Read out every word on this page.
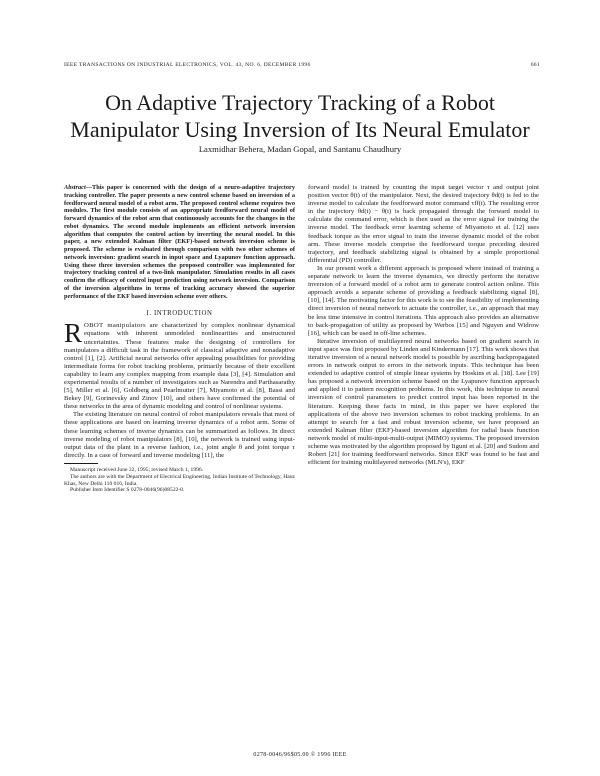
IEEE TRANSACTIONS ON INDUSTRIAL ELECTRONICS, VOL. 43, NO. 6, DECEMBER 1996	661
On Adaptive Trajectory Tracking of a Robot Manipulator Using Inversion of Its Neural Emulator
Laxmidhar Behera, Madan Gopal, and Santanu Chaudhury
Abstract—This paper is concerned with the design of a neuro-adaptive trajectory tracking controller. The paper presents a new control scheme based on inversion of a feedforward neural model of a robot arm. The proposed control scheme requires two modules. The first module consists of an appropriate feedforward neural model of forward dynamics of the robot arm that continuously accounts for the changes in the robot dynamics. The second module implements an efficient network inversion algorithm that computes the control action by inverting the neural model. In this paper, a new extended Kalman filter (EKF)-based network inversion scheme is proposed. The scheme is evaluated through comparison with two other schemes of network inversion: gradient search in input space and Lyapunov function approach. Using these three inversion schemes the proposed controller was implemented for trajectory tracking control of a two-link manipulator. Simulation results in all cases confirm the efficacy of control input prediction using network inversion. Comparison of the inversion algorithms in terms of tracking accuracy showed the superior performance of the EKF based inversion scheme over others.
I. INTRODUCTION

ROBOT manipulators are characterized by complex nonlinear dynamical equations with inherent unmodeled nonlinearities and unstructured uncertainties. These features make the designing of controllers for manipulators a difficult task in the framework of classical adaptive and nonadaptive control [1], [2]. Artificial neural networks offer appealing possibilities for providing intermediate forms for robot tracking problems, primarily because of their excellent capability to learn any complex mapping from example data [3], [4]. Simulation and experimental results of a number of investigators such as Narendra and Parthasarathy [5], Miller et al. [6], Goldberg and Pearlmutter [7], Miyamoto et al. [8], Bassi and Bekey [9], Gorinevsky and Zinov [10], and others have confirmed the potential of these networks in the area of dynamic modeling and control of nonlinear systems.

The existing literature on neural control of robot manipulators reveals that most of these applications are based on learning inverse dynamics of a robot arm. Some of these learning schemes of inverse dynamics can be summarized as follows. In direct inverse modeling of robot manipulators [8], [10], the network is trained using input-output data of the plant in a reverse fashion, i.e., joint angle θ and joint torque τ directly. In a case of forward and inverse modeling [11], the

Manuscript received June 22, 1995; revised March 1, 1996.
The authors are with the Department of Electrical Engineering, Indian Institute of Technology, Hauz Khas, New Delhi 110 016, India.
Publisher Item Identifier S 0278-0046(96)08522-0.

forward model is trained by counting the input target vector τ and output joint position vector θ(t) of the manipulator. Next, the desired trajectory θd(t) is fed to the inverse model to calculate the feedforward motor command τff(t). The resulting error in the trajectory θd(t) − θ(t) is back propagated through the forward model to calculate the command error, which is then used as the error signal for training the inverse model. The feedback error learning scheme of Miyamoto et al. [12] uses feedback torque as the error signal to train the inverse dynamic model of the robot arm. These inverse models comprise the feedforward torque preceding desired trajectory, and feedback stabilizing signal is obtained by a simple proportional differential (PD) controller.

In our present work a different approach is proposed where instead of training a separate network to learn the inverse dynamics, we directly perform the iterative inversion of a forward model of a robot arm to generate control action online. This approach avoids a separate scheme of providing a feedback stabilizing signal [8], [10], [14]. The motivating factor for this work is to see the feasibility of implementing direct inversion of neural network to actuate the controller, i.e., an approach that may be less time intensive in control iterations. This approach also provides an alternative to back-propagation of utility as proposed by Werbos [15] and Nguyen and Widrow [16], which can be used in off-line schemes.

Iterative inversion of multilayered neural networks based on gradient search in input space was first proposed by Linden and Kindermann [17]. This work shows that iterative inversion of a neural network model is possible by ascribing backpropagated errors in network output to errors in the network inputs. This technique has been extended to adaptive control of simple linear systems by Hoskins et al. [18]. Lee [19] has proposed a network inversion scheme based on the Lyapunov function approach and applied it to pattern recognition problems. In this work, this technique to neural inversion of control parameters to predict control input has been reported in the literature. Keeping these facts in mind, in this paper we have explored the applications of the above two inversion schemes to robot tracking problems. In an attempt to search for a fast and robust inversion scheme, we have proposed an extended Kalman filter (EKF)-based inversion algorithm for radial basis function network model of multi-input-multi-output (MIMO) systems. The proposed inversion scheme was motivated by the algorithm proposed by Iiguni et al. [20] and Sudom and Robert [21] for training feedforward networks. Since EKF was found to be fast and efficient for training multilayered networks (MLN's), EKF

0278-0046/96$05.00 © 1996 IEEE
